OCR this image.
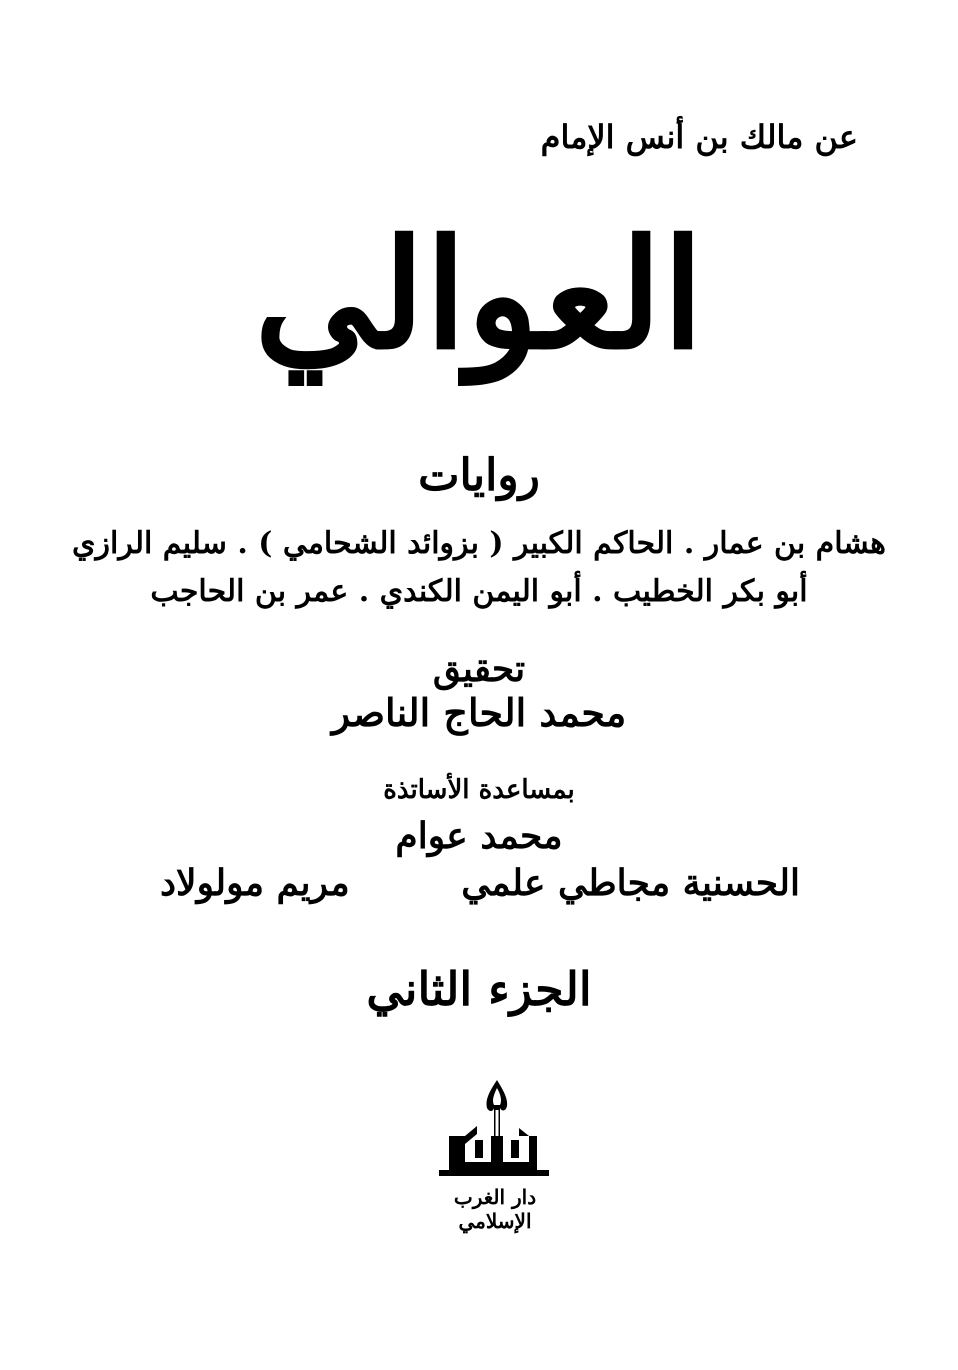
عن مالك بن أنس الإمام
العوالي
روايات
هشام بن عمار . الحاكم الكبير ( بزوائد الشحامي ) . سليم الرازي
أبو بكر الخطيب . أبو اليمن الكندي . عمر بن الحاجب
تحقيق
محمد الحاج الناصر
بمساعدة الأساتذة
محمد عوام
الحسنية مجاطي علمي
مريم مولولاد
الجزء الثاني
دار الغرب الإسلامي
